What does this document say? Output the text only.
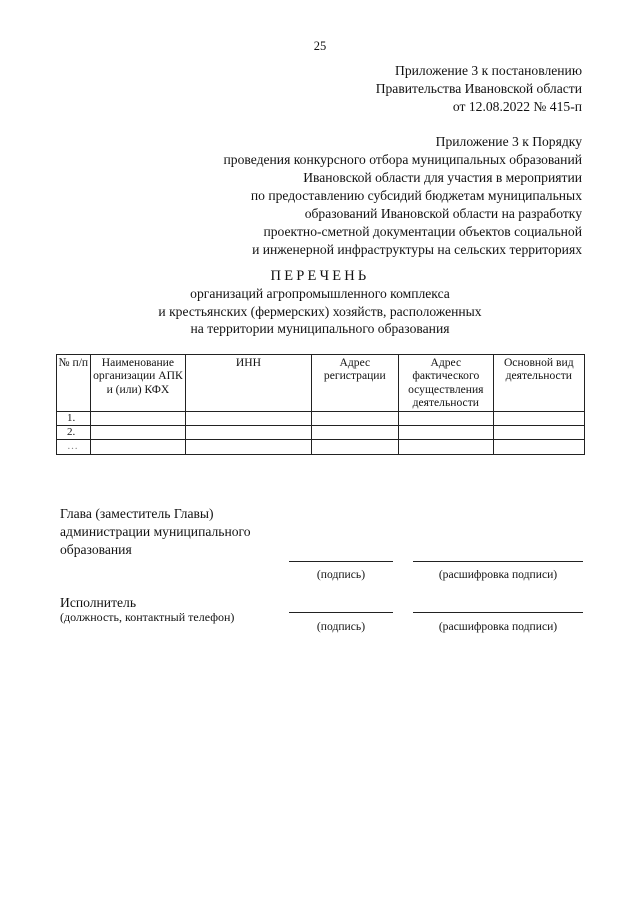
25
Приложение 3 к постановлению
Правительства Ивановской области
от 12.08.2022 № 415-п
Приложение 3 к Порядку
проведения конкурсного отбора муниципальных образований
Ивановской области для участия в мероприятии
по предоставлению субсидий бюджетам муниципальных
образований Ивановской области на разработку
проектно-сметной документации объектов социальной
и инженерной инфраструктуры на сельских территориях
ПЕРЕЧЕНЬ
организаций агропромышленного комплекса
и крестьянских (фермерских) хозяйств, расположенных
на территории муниципального образования
№ п/п	Наименование организации АПК и (или) КФХ	ИНН	Адрес регистрации	Адрес фактического осуществления деятельности	Основной вид деятельности
1.					
2.					
…					
Глава (заместитель Главы)
администрации муниципального
образования
(подпись)	(расшифровка подписи)
Исполнитель
(должность, контактный телефон)
(подпись)	(расшифровка подписи)
